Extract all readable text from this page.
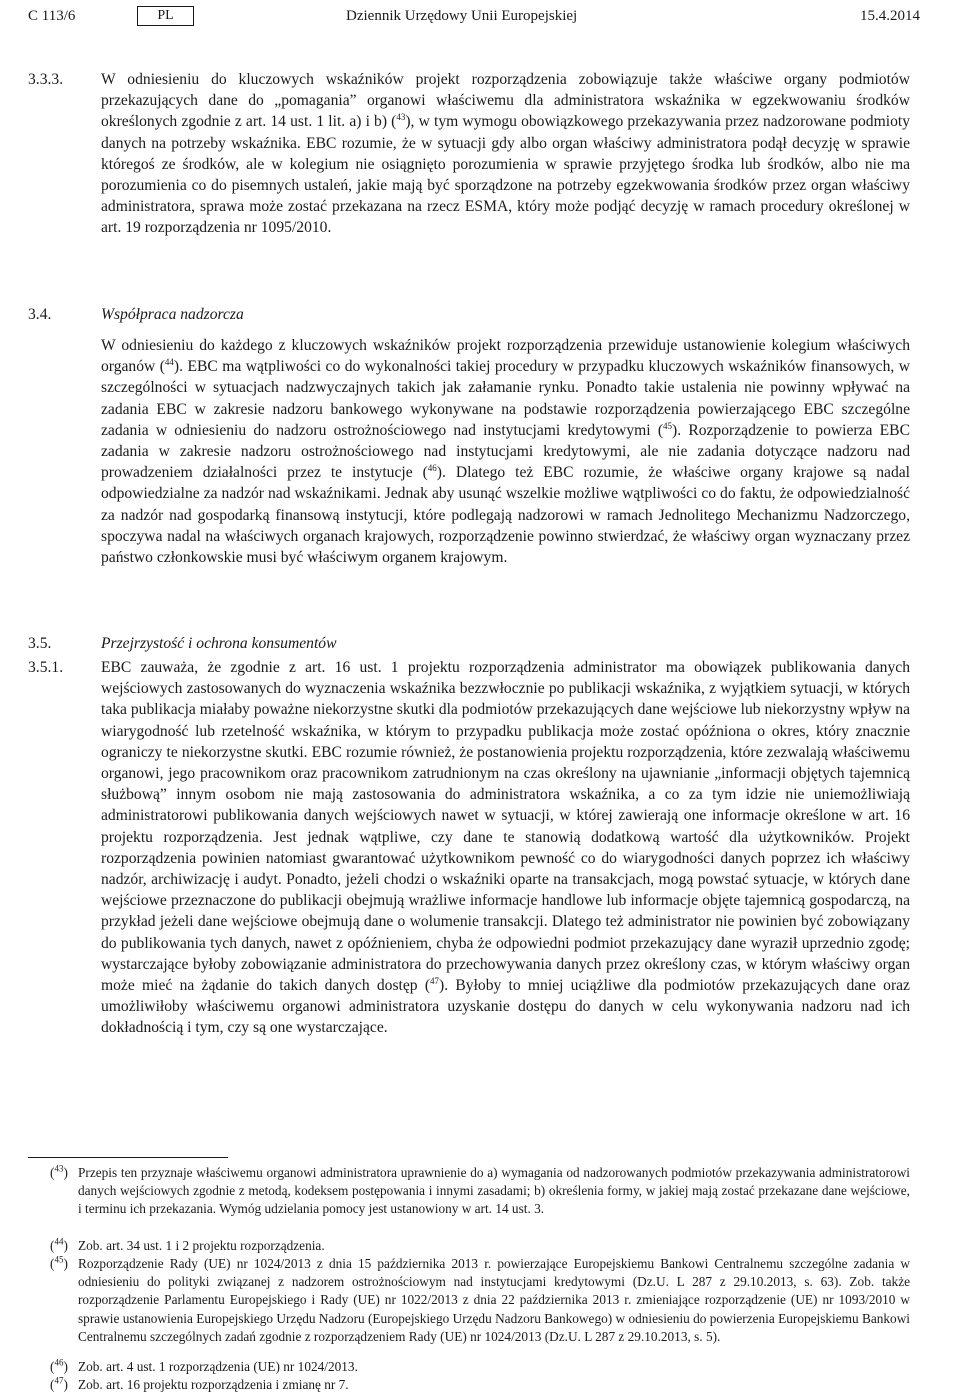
C 113/6	PL	Dziennik Urzędowy Unii Europejskiej	15.4.2014
3.3.3. W odniesieniu do kluczowych wskaźników projekt rozporządzenia zobowiązuje także właściwe organy podmiotów przekazujących dane do „pomagania” organowi właściwemu dla administratora wskaźnika w egzekwowaniu środków określonych zgodnie z art. 14 ust. 1 lit. a) i b) ($^{43}$), w tym wymogu obowiązkowego przekazywania przez nadzorowane podmioty danych na potrzeby wskaźnika. EBC rozumie, że w sytuacji gdy albo organ właściwy administratora podął decyzję w sprawie któregoś ze środków, ale w kolegium nie osiągnięto porozumienia w sprawie przyjętego środka lub środków, albo nie ma porozumienia co do pisemnych ustaleń, jakie mają być sporządzone na potrzeby egzekwowania środków przez organ właściwy administratora, sprawa może zostać przekazana na rzecz ESMA, który może podjąć decyzję w ramach procedury określonej w art. 19 rozporządzenia nr 1095/2010.
3.4.	Współpraca nadzorcza
W odniesieniu do każdego z kluczowych wskaźników projekt rozporządzenia przewiduje ustanowienie kolegium właściwych organów ($^{44}$). EBC ma wątpliwości co do wykonalności takiej procedury w przypadku kluczowych wskaźników finansowych, w szczególności w sytuacjach nadzwyczajnych takich jak załamanie rynku. Ponadto takie ustalenia nie powinny wpływać na zadania EBC w zakresie nadzoru bankowego wykonywane na podstawie rozporządzenia powierzającego EBC szczególne zadania w odniesieniu do nadzoru ostrożnościowego nad instytucjami kredytowymi ($^{45}$). Rozporządzenie to powierza EBC zadania w zakresie nadzoru ostrożnościowego nad instytucjami kredytowymi, ale nie zadania dotyczące nadzoru nad prowadzeniem działalności przez te instytucje ($^{46}$). Dlatego też EBC rozumie, że właściwe organy krajowe są nadal odpowiedzialne za nadzór nad wskaźnikami. Jednak aby usunąć wszelkie możliwe wątpliwości co do faktu, że odpowiedzialność za nadzór nad gospodarką finansową instytucji, które podlegają nadzorowi w ramach Jednolitego Mechanizmu Nadzorczego, spoczywa nadal na właściwych organach krajowych, rozporządzenie powinno stwierdzać, że właściwy organ wyznaczany przez państwo członkowskie musi być właściwym organem krajowym.
3.5.	Przejrzystość i ochrona konsumentów
3.5.1. EBC zauważa, że zgodnie z art. 16 ust. 1 projektu rozporządzenia administrator ma obowiązek publikowania danych wejściowych zastosowanych do wyznaczenia wskaźnika bezzwłocznie po publikacji wskaźnika, z wyjątkiem sytuacji, w których taka publikacja miałaby poważne niekorzystne skutki dla podmiotów przekazujących dane wejściowe lub niekorzystny wpływ na wiarygodność lub rzetelność wskaźnika, w którym to przypadku publikacja może zostać opóźniona o okres, który znacznie ograniczy te niekorzystne skutki. EBC rozumie również, że postanowienia projektu rozporządzenia, które zezwalają właściwemu organowi, jego pracownikom oraz pracownikom zatrudnionym na czas określony na ujawnianie „informacji objętych tajemnicą służbową” innym osobom nie mają zastosowania do administratora wskaźnika, a co za tym idzie nie uniemożliwiają administratorowi publikowania danych wejściowych nawet w sytuacji, w której zawierają one informacje określone w art. 16 projektu rozporządzenia. Jest jednak wątpliwe, czy dane te stanowią dodatkową wartość dla użytkowników. Projekt rozporządzenia powinien natomiast gwarantować użytkownikom pewność co do wiarygodności danych poprzez ich właściwy nadzór, archiwizację i audyt. Ponadto, jeżeli chodzi o wskaźniki oparte na transakcjach, mogą powstać sytuacje, w których dane wejściowe przeznaczone do publikacji obejmują wrażliwe informacje handlowe lub informacje objęte tajemnicą gospodarczą, na przykład jeżeli dane wejściowe obejmują dane o wolumenie transakcji. Dlatego też administrator nie powinien być zobowiązany do publikowania tych danych, nawet z opóźnieniem, chyba że odpowiedni podmiot przekazujący dane wyraził uprzednio zgodę; wystarczające byłoby zobowiązanie administratora do przechowywania danych przez określony czas, w którym właściwy organ może mieć na żądanie do takich danych dostęp ($^{47}$). Byłoby to mniej uciążliwe dla podmiotów przekazujących dane oraz umożliwiłoby właściwemu organowi administratora uzyskanie dostępu do danych w celu wykonywania nadzoru nad ich dokładnością i tym, czy są one wystarczające.
($^{43}$) Przepis ten przyznaje właściwemu organowi administratora uprawnienie do a) wymagania od nadzorowanych podmiotów przekazywania administratorowi danych wejściowych zgodnie z metodą, kodeksem postępowania i innymi zasadami; b) określenia formy, w jakiej mają zostać przekazane dane wejściowe, i terminu ich przekazania. Wymóg udzielania pomocy jest ustanowiony w art. 14 ust. 3.
($^{44}$) Zob. art. 34 ust. 1 i 2 projektu rozporządzenia.
($^{45}$) Rozporządzenie Rady (UE) nr 1024/2013 z dnia 15 października 2013 r. powierzające Europejskiemu Bankowi Centralnemu szczególne zadania w odniesieniu do polityki związanej z nadzorem ostrożnościowym nad instytucjami kredytowymi (Dz.U. L 287 z 29.10.2013, s. 63). Zob. także rozporządzenie Parlamentu Europejskiego i Rady (UE) nr 1022/2013 z dnia 22 października 2013 r. zmieniające rozporządzenie (UE) nr 1093/2010 w sprawie ustanowienia Europejskiego Urzędu Nadzoru (Europejskiego Urzędu Nadzoru Bankowego) w odniesieniu do powierzenia Europejskiemu Bankowi Centralnemu szczególnych zadań zgodnie z rozporządzeniem Rady (UE) nr 1024/2013 (Dz.U. L 287 z 29.10.2013, s. 5).
($^{46}$) Zob. art. 4 ust. 1 rozporządzenia (UE) nr 1024/2013.
($^{47}$) Zob. art. 16 projektu rozporządzenia i zmianę nr 7.
